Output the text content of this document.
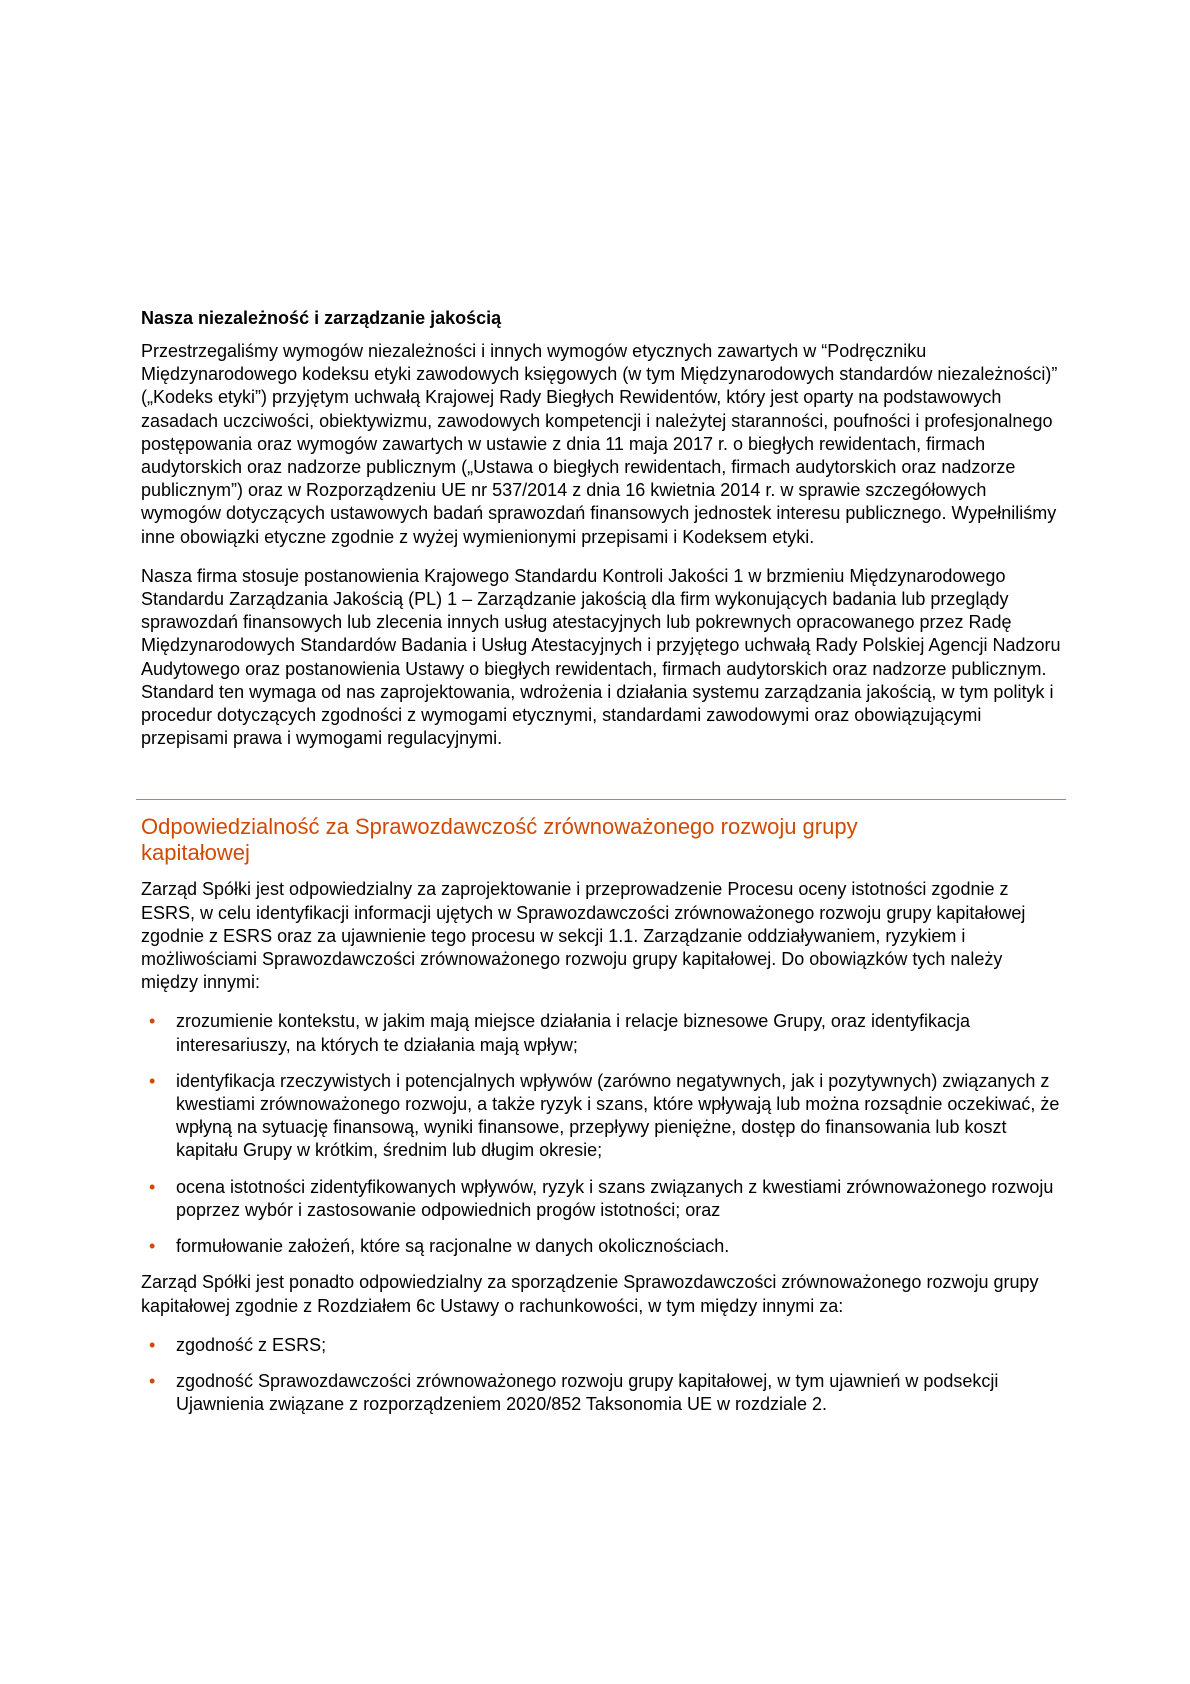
Nasza niezależność i zarządzanie jakością

Przestrzegaliśmy wymogów niezależności i innych wymogów etycznych zawartych w “Podręczniku Międzynarodowego kodeksu etyki zawodowych księgowych (w tym Międzynarodowych standardów niezależności)” („Kodeks etyki”) przyjętym uchwałą Krajowej Rady Biegłych Rewidentów, który jest oparty na podstawowych zasadach uczciwości, obiektywizmu, zawodowych kompetencji i należytej staranności, poufności i profesjonalnego postępowania oraz wymogów zawartych w ustawie z dnia 11 maja 2017 r. o biegłych rewidentach, firmach audytorskich oraz nadzorze publicznym („Ustawa o biegłych rewidentach, firmach audytorskich oraz nadzorze publicznym”) oraz w Rozporządzeniu UE nr 537/2014 z dnia 16 kwietnia 2014 r. w sprawie szczegółowych wymogów dotyczących ustawowych badań sprawozdań finansowych jednostek interesu publicznego. Wypełniliśmy inne obowiązki etyczne zgodnie z wyżej wymienionymi przepisami i Kodeksem etyki.

Nasza firma stosuje postanowienia Krajowego Standardu Kontroli Jakości 1 w brzmieniu Międzynarodowego Standardu Zarządzania Jakością (PL) 1 – Zarządzanie jakością dla firm wykonujących badania lub przeglądy sprawozdań finansowych lub zlecenia innych usług atestacyjnych lub pokrewnych opracowanego przez Radę Międzynarodowych Standardów Badania i Usług Atestacyjnych i przyjętego uchwałą Rady Polskiej Agencji Nadzoru Audytowego oraz postanowienia Ustawy o biegłych rewidentach, firmach audytorskich oraz nadzorze publicznym. Standard ten wymaga od nas zaprojektowania, wdrożenia i działania systemu zarządzania jakością, w tym polityk i procedur dotyczących zgodności z wymogami etycznymi, standardami zawodowymi oraz obowiązującymi przepisami prawa i wymogami regulacyjnymi.

Odpowiedzialność za Sprawozdawczość zrównoważonego rozwoju grupy kapitałowej

Zarząd Spółki jest odpowiedzialny za zaprojektowanie i przeprowadzenie Procesu oceny istotności zgodnie z ESRS, w celu identyfikacji informacji ujętych w Sprawozdawczości zrównoważonego rozwoju grupy kapitałowej zgodnie z ESRS oraz za ujawnienie tego procesu w sekcji 1.1. Zarządzanie oddziaływaniem, ryzykiem i możliwościami Sprawozdawczości zrównoważonego rozwoju grupy kapitałowej. Do obowiązków tych należy między innymi:

• zrozumienie kontekstu, w jakim mają miejsce działania i relacje biznesowe Grupy, oraz identyfikacja interesariuszy, na których te działania mają wpływ;
• identyfikacja rzeczywistych i potencjalnych wpływów (zarówno negatywnych, jak i pozytywnych) związanych z kwestiami zrównoważonego rozwoju, a także ryzyk i szans, które wpływają lub można rozsądnie oczekiwać, że wpłyną na sytuację finansową, wyniki finansowe, przepływy pieniężne, dostęp do finansowania lub koszt kapitału Grupy w krótkim, średnim lub długim okresie;
• ocena istotności zidentyfikowanych wpływów, ryzyk i szans związanych z kwestiami zrównoważonego rozwoju poprzez wybór i zastosowanie odpowiednich progów istotności; oraz
• formułowanie założeń, które są racjonalne w danych okolicznościach.

Zarząd Spółki jest ponadto odpowiedzialny za sporządzenie Sprawozdawczości zrównoważonego rozwoju grupy kapitałowej zgodnie z Rozdziałem 6c Ustawy o rachunkowości, w tym między innymi za:

• zgodność z ESRS;
• zgodność Sprawozdawczości zrównoważonego rozwoju grupy kapitałowej, w tym ujawnień w podsekcji Ujawnienia związane z rozporządzeniem 2020/852 Taksonomia UE w rozdziale 2.
